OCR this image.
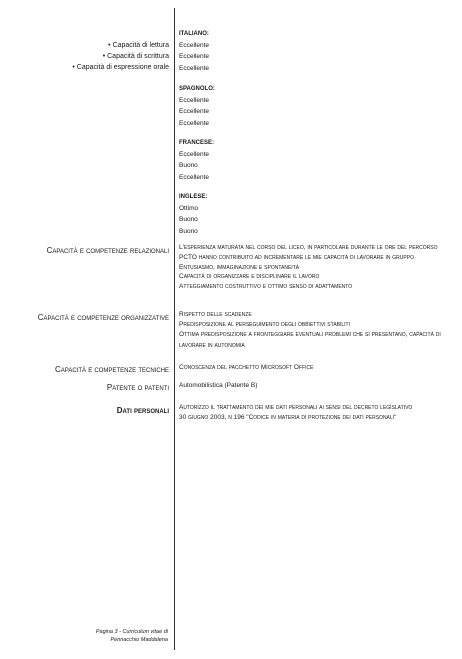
• Capacità di lettura
• Capacità di scrittura
• Capacità di espressione orale
ITALIANO:
Eccellente
Eccellente
Eccellente
SPAGNOLO:
Eccellente
Eccellente
Eccellente
FRANCESE:
Eccellente
Buono
Eccellente
INGLESE:
Ottimo
Buono
Buono
Capacità e competenze relazionali L'esperienza maturata nel corso del liceo, in particolare durante le ore del percorso PCTO hanno contribuito ad incrementare le mie capacità di lavorare in gruppo
Entusiasmo, immaginazione e spontaneità
Capacità di organizzare e disciplinare il lavoro
Atteggiamento costruttivo e ottimo senso di adattamento
Capacità e competenze organizzative Rispetto delle scadenze
Predisposizione al perseguimento degli obbiettivi stabiliti
Ottima predisposizione a fronteggiare eventuali problemi che si presentano, capacità di lavorare in autonomia
Capacità e competenze tecniche Conoscenza del pacchetto Microsoft Office
Patente o patenti Automobilistica (Patente B)
Dati personali Autorizzo il trattamento dei mie dati personali ai sensi del decreto legislativo
30 giugno 2003, n 196 "Codice in materia di protezione dei dati personali"
Pagina 3 - Curriculum vitae di
Pennacchio Maddalena
